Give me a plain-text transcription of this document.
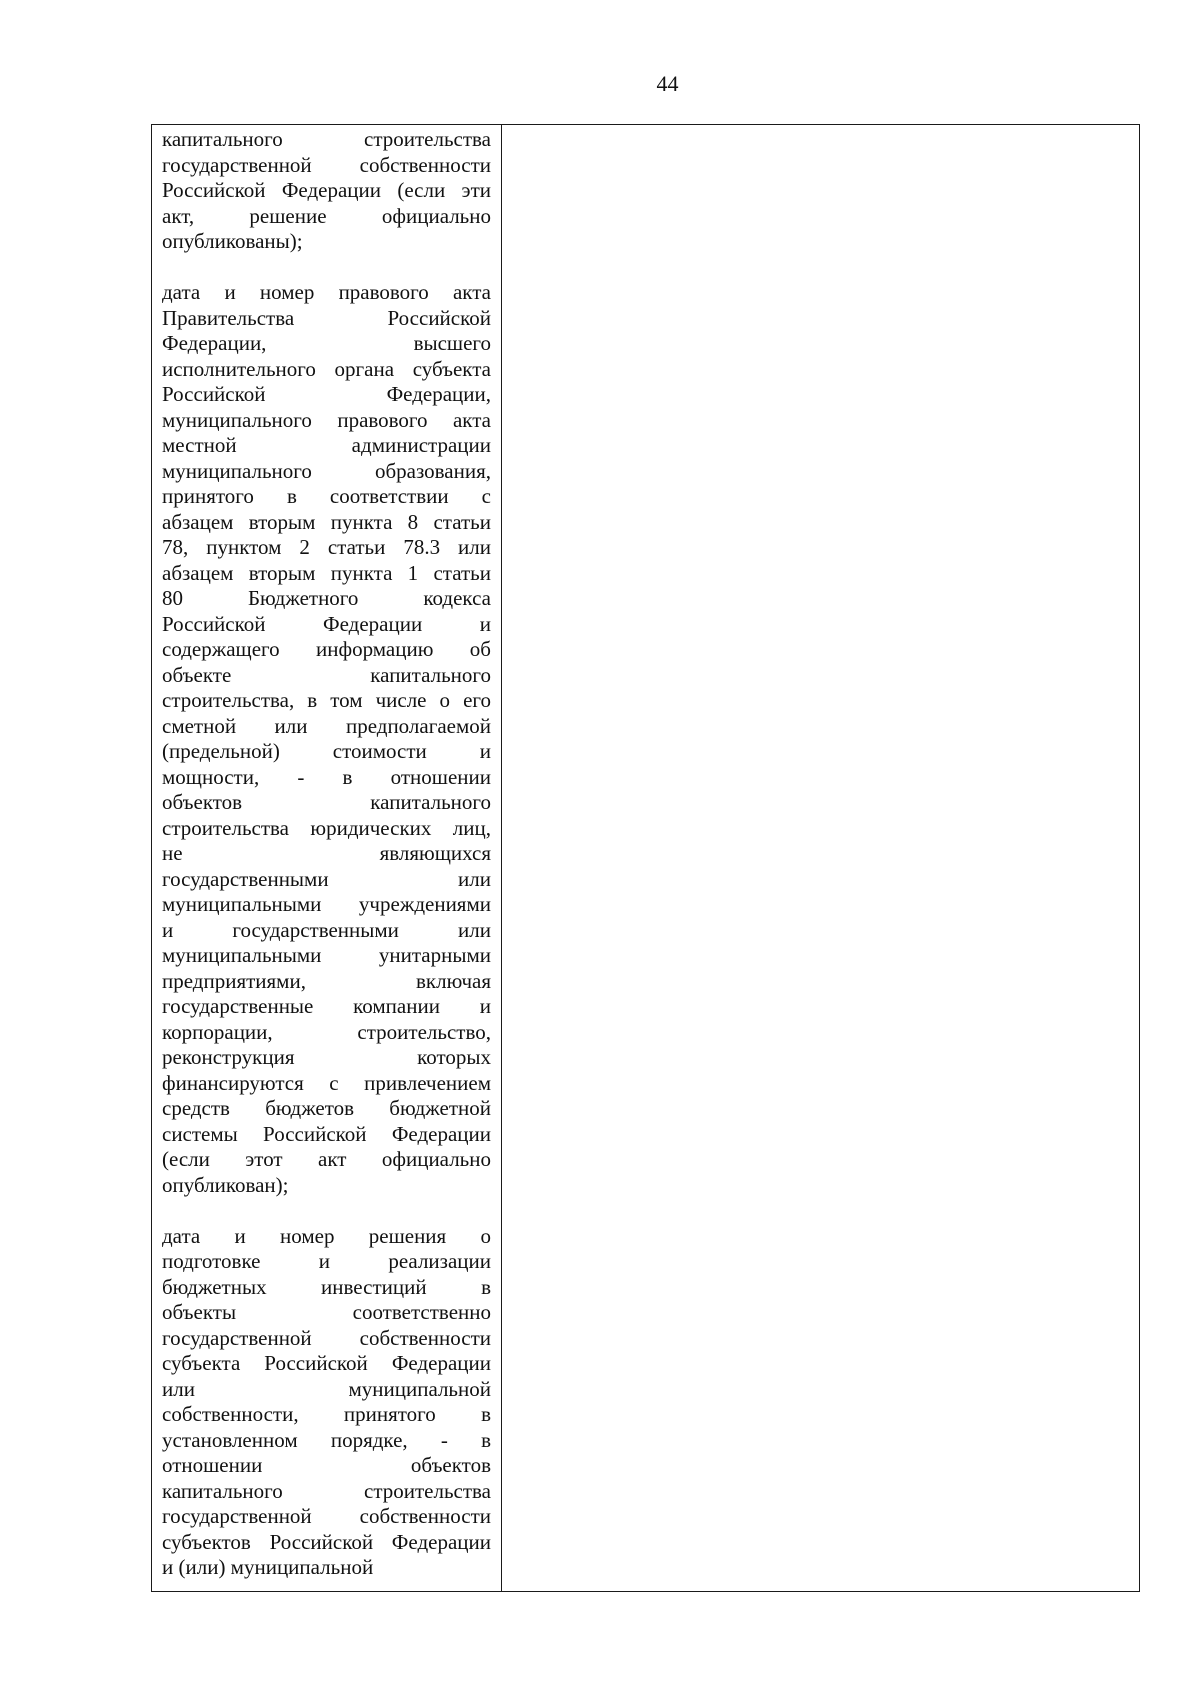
44
капитального строительства
государственной собственности
Российской Федерации (если эти
акт, решение официально
опубликованы);
дата и номер правового акта
Правительства Российской
Федерации, высшего
исполнительного органа субъекта
Российской Федерации,
муниципального правового акта
местной администрации
муниципального образования,
принятого в соответствии с
абзацем вторым пункта 8 статьи
78, пунктом 2 статьи 78.3 или
абзацем вторым пункта 1 статьи
80 Бюджетного кодекса
Российской Федерации и
содержащего информацию об
объекте капитального
строительства, в том числе о его
сметной или предполагаемой
(предельной) стоимости и
мощности, - в отношении
объектов капитального
строительства юридических лиц,
не являющихся
государственными или
муниципальными учреждениями
и государственными или
муниципальными унитарными
предприятиями, включая
государственные компании и
корпорации, строительство,
реконструкция которых
финансируются с привлечением
средств бюджетов бюджетной
системы Российской Федерации
(если этот акт официально
опубликован);
дата и номер решения о
подготовке и реализации
бюджетных инвестиций в
объекты соответственно
государственной собственности
субъекта Российской Федерации
или муниципальной
собственности, принятого в
установленном порядке, - в
отношении объектов
капитального строительства
государственной собственности
субъектов Российской Федерации
и (или) муниципальной
